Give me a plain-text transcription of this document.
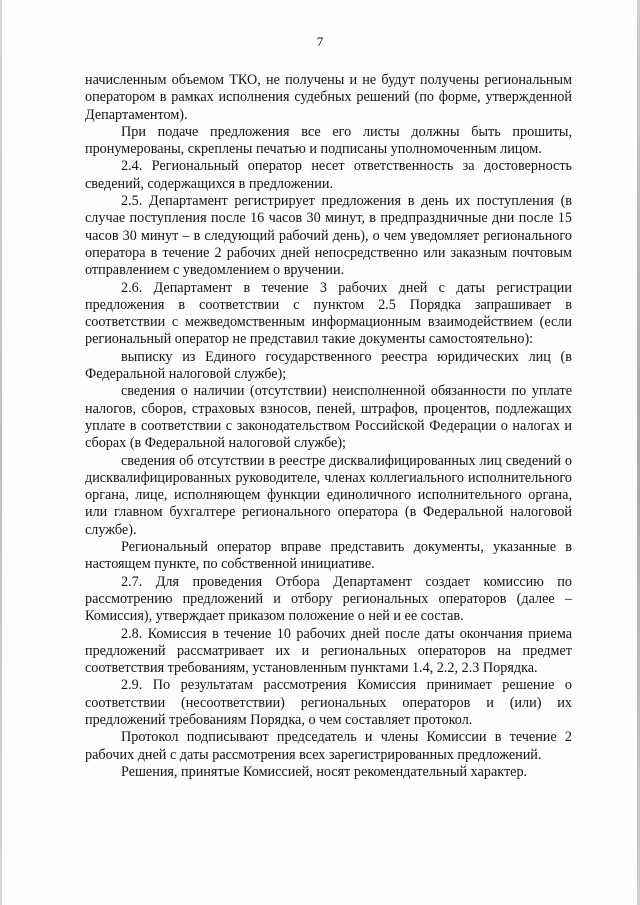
7

начисленным объемом ТКО, не получены и не будут получены региональным оператором в рамках исполнения судебных решений (по форме, утвержденной Департаментом).

При подаче предложения все его листы должны быть прошиты, пронумерованы, скреплены печатью и подписаны уполномоченным лицом.

2.4. Региональный оператор несет ответственность за достоверность сведений, содержащихся в предложении.

2.5. Департамент регистрирует предложения в день их поступления (в случае поступления после 16 часов 30 минут, в предпраздничные дни после 15 часов 30 минут – в следующий рабочий день), о чем уведомляет регионального оператора в течение 2 рабочих дней непосредственно или заказным почтовым отправлением с уведомлением о вручении.

2.6. Департамент в течение 3 рабочих дней с даты регистрации предложения в соответствии с пунктом 2.5 Порядка запрашивает в соответствии с межведомственным информационным взаимодействием (если региональный оператор не представил такие документы самостоятельно):

выписку из Единого государственного реестра юридических лиц (в Федеральной налоговой службе);

сведения о наличии (отсутствии) неисполненной обязанности по уплате налогов, сборов, страховых взносов, пеней, штрафов, процентов, подлежащих уплате в соответствии с законодательством Российской Федерации о налогах и сборах (в Федеральной налоговой службе);

сведения об отсутствии в реестре дисквалифицированных лиц сведений о дисквалифицированных руководителе, членах коллегиального исполнительного органа, лице, исполняющем функции единоличного исполнительного органа, или главном бухгалтере регионального оператора (в Федеральной налоговой службе).

Региональный оператор вправе представить документы, указанные в настоящем пункте, по собственной инициативе.

2.7. Для проведения Отбора Департамент создает комиссию по рассмотрению предложений и отбору региональных операторов (далее – Комиссия), утверждает приказом положение о ней и ее состав.

2.8. Комиссия в течение 10 рабочих дней после даты окончания приема предложений рассматривает их и региональных операторов на предмет соответствия требованиям, установленным пунктами 1.4, 2.2, 2.3 Порядка.

2.9. По результатам рассмотрения Комиссия принимает решение о соответствии (несоответствии) региональных операторов и (или) их предложений требованиям Порядка, о чем составляет протокол.

Протокол подписывают председатель и члены Комиссии в течение 2 рабочих дней с даты рассмотрения всех зарегистрированных предложений.

Решения, принятые Комиссией, носят рекомендательный характер.
